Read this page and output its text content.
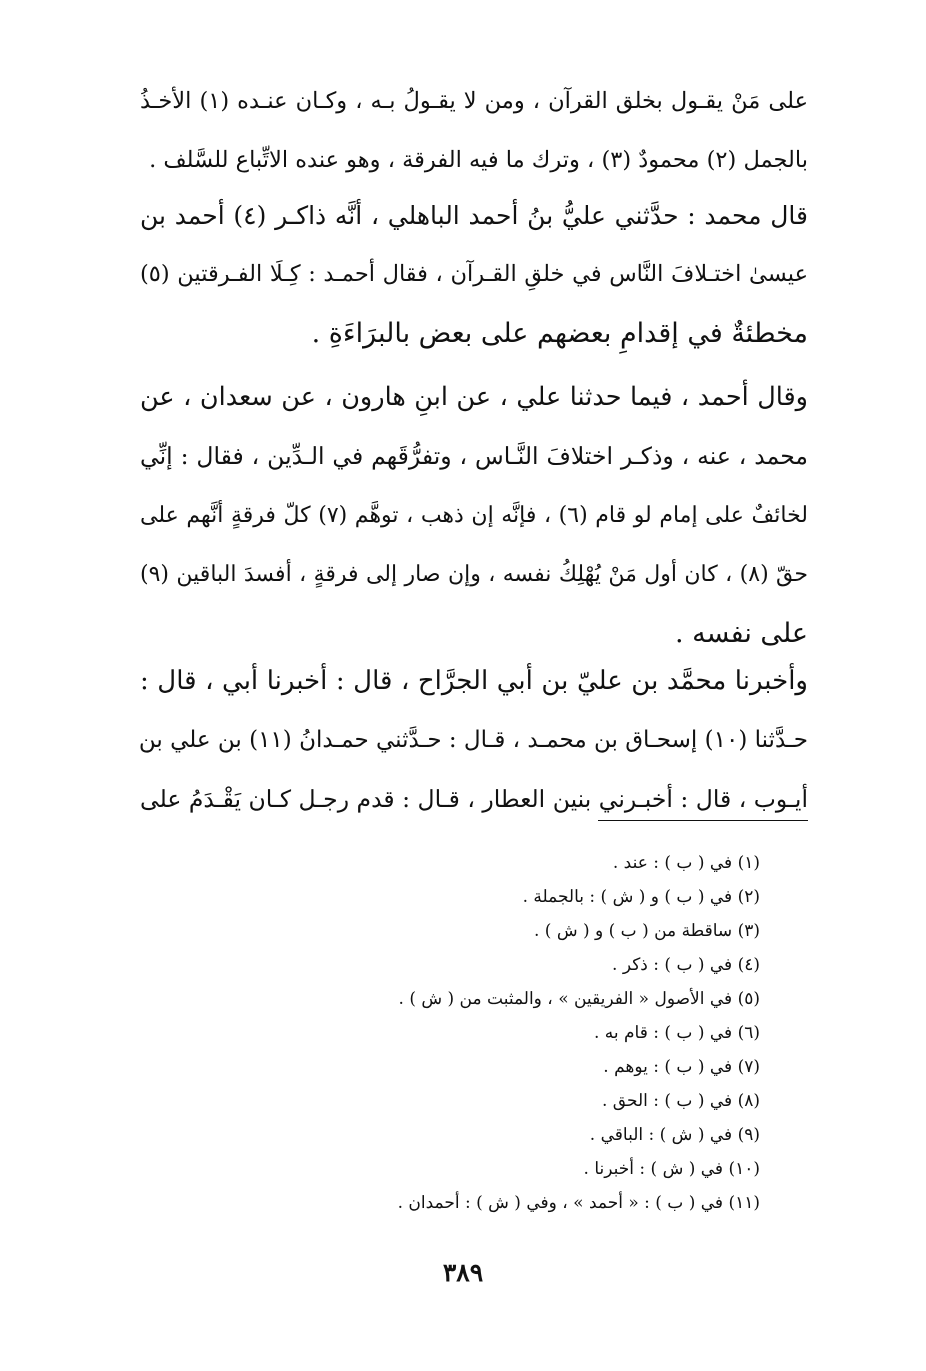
على مَنْ يقـول بخلق القرآن ، ومن لا يقـولُ بـه ، وكـان عنـده (١) الأخـذُ
بالجمل (٢) محمودٌ (٣) ، وترك ما فيه الفرقة ، وهو عنده الاتِّباع للسَّلف .
قال محمد : حدَّثني عليُّ بنُ أحمد الباهلي ، أنَّه ذاكـر (٤) أحمد بن
عيسىٰ اختـلافَ النَّاس في خلقِ القـرآن ، فقال أحمـد : كِـلَا الفـرقتين (٥)
مخطئةٌ في إقدامِ بعضهم على بعض بالبرَاءَةِ .
وقال أحمد ، فيما حدثنا علي ، عن ابنِ هارون ، عن سعدان ، عن
محمد ، عنه ، وذكـر اختلافَ النَّـاس ، وتفرُّقَهم في الـدِّين ، فقال : إنِّي
لخائفٌ على إمام لو قام (٦) ، فإنَّه إن ذهب ، توهَّم (٧) كلّ فرقةٍ أنَّهم على
حقّ (٨) ، كان أول مَنْ يُهْلِكُ نفسه ، وإن صار إلى فرقةٍ ، أفسدَ الباقين (٩)
على نفسه .
وأخبرنا محمَّد بن عليّ بن أبي الجرَّاح ، قال : أخبرنا أبي ، قال :
حـدَّثنا (١٠) إسحـاق بن محمـد ، قـال : حـدَّثني حمـدانُ (١١) بن علي بن
أيـوب ، قال : أخبـرني بنين العطار ، قـال : قدم رجـل كـان يَقْـدَمُ على
(١) في ( ب ) : عند .
(٢) في ( ب ) و ( ش ) : بالجملة .
(٣) ساقطة من ( ب ) و ( ش ) .
(٤) في ( ب ) : ذكر .
(٥) في الأصول « الفريقين » ، والمثبت من ( ش ) .
(٦) في ( ب ) : قام به .
(٧) في ( ب ) : يوهم .
(٨) في ( ب ) : الحق .
(٩) في ( ش ) : الباقي .
(١٠) في ( ش ) : أخبرنا .
(١١) في ( ب ) : « أحمد » ، وفي ( ش ) : أحمدان .
٣٨٩
